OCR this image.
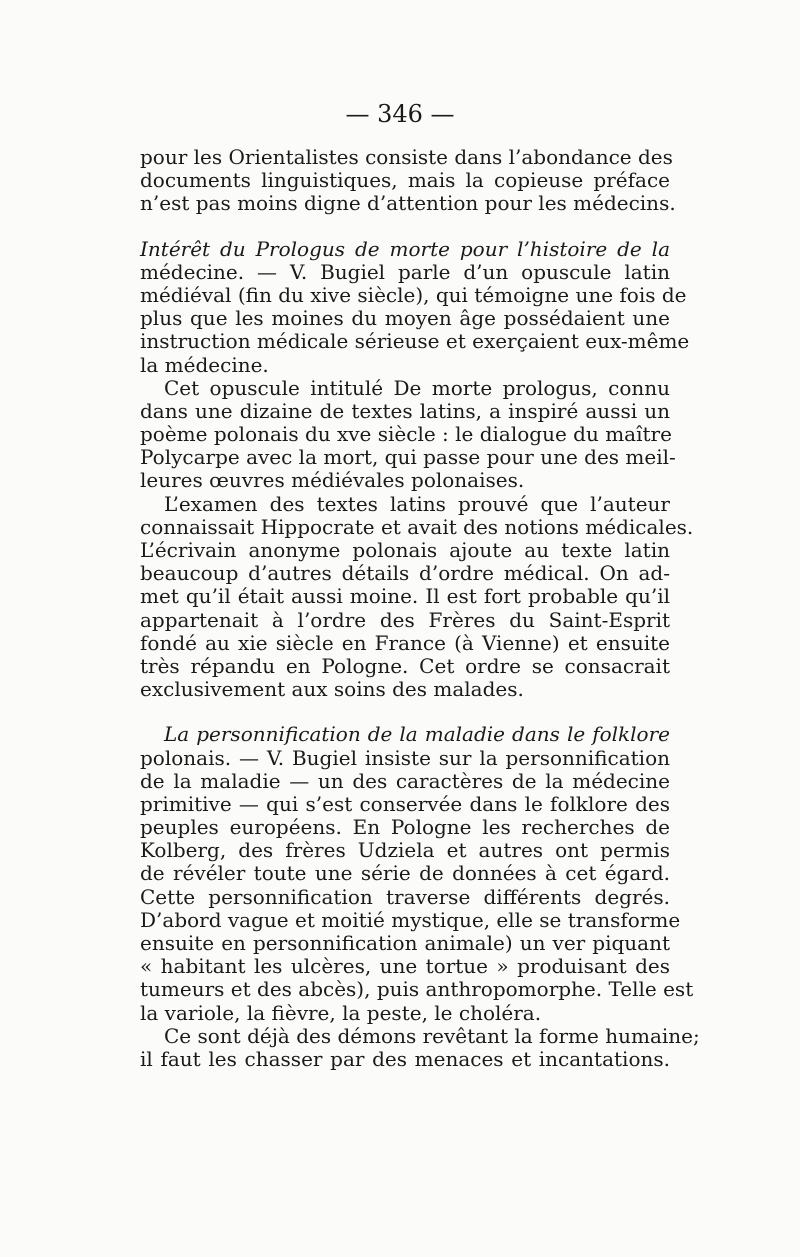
— 346 —
pour les Orientalistes consiste dans l’abondance des
documents linguistiques, mais la copieuse préface
n’est pas moins digne d’attention pour les médecins.
Intérêt du Prologus de morte pour l’histoire de la
médecine. — V. Bugiel parle d’un opuscule latin
médiéval (fin du xive siècle), qui témoigne une fois de
plus que les moines du moyen âge possédaient une
instruction médicale sérieuse et exerçaient eux-même
la médecine.
Cet opuscule intitulé De morte prologus, connu
dans une dizaine de textes latins, a inspiré aussi un
poème polonais du xve siècle : le dialogue du maître
Polycarpe avec la mort, qui passe pour une des meil-
leures œuvres médiévales polonaises.
L’examen des textes latins prouvé que l’auteur
connaissait Hippocrate et avait des notions médicales.
L’écrivain anonyme polonais ajoute au texte latin
beaucoup d’autres détails d’ordre médical. On ad-
met qu’il était aussi moine. Il est fort probable qu’il
appartenait à l’ordre des Frères du Saint-Esprit
fondé au xie siècle en France (à Vienne) et ensuite
très répandu en Pologne. Cet ordre se consacrait
exclusivement aux soins des malades.
La personnification de la maladie dans le folklore
polonais. — V. Bugiel insiste sur la personnification
de la maladie — un des caractères de la médecine
primitive — qui s’est conservée dans le folklore des
peuples européens. En Pologne les recherches de
Kolberg, des frères Udziela et autres ont permis
de révéler toute une série de données à cet égard.
Cette personnification traverse différents degrés.
D’abord vague et moitié mystique, elle se transforme
ensuite en personnification animale) un ver piquant
« habitant les ulcères, une tortue » produisant des
tumeurs et des abcès), puis anthropomorphe. Telle est
la variole, la fièvre, la peste, le choléra.
Ce sont déjà des démons revêtant la forme humaine;
il faut les chasser par des menaces et incantations.
